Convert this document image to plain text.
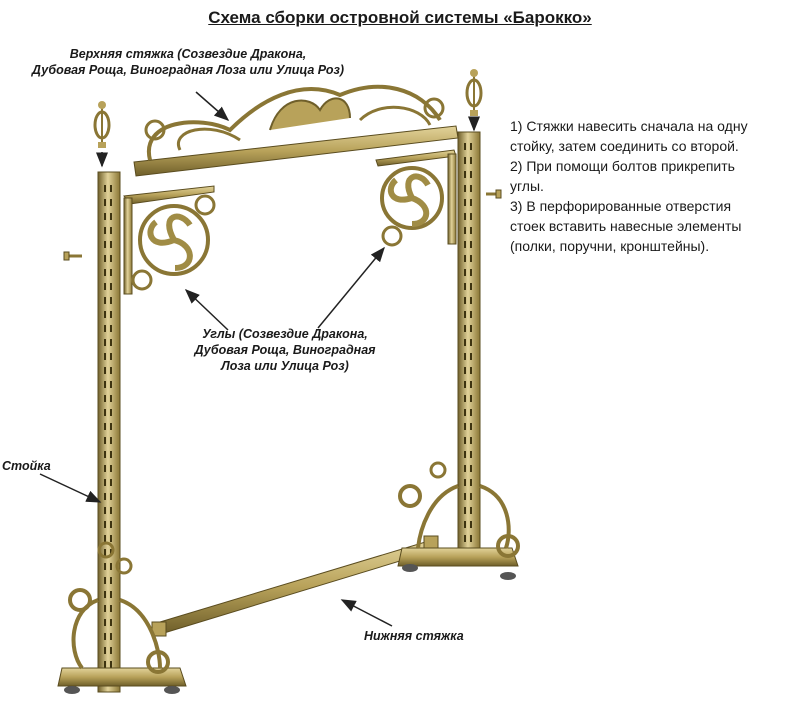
Схема сборки островной системы «Барокко»
Верхняя стяжка (Созвездие Дракона,
Дубовая Роща, Виноградная Лоза или Улица Роз)
Углы (Созвездие Дракона,
Дубовая Роща, Виноградная
Лоза или Улица Роз)
Стойка
Нижняя стяжка
1) Стяжки навесить сначала на одну
стойку, затем соединить со второй.
2) При помощи болтов прикрепить
углы.
3) В перфорированные отверстия
стоек вставить навесные элементы
(полки, поручни, кронштейны).
